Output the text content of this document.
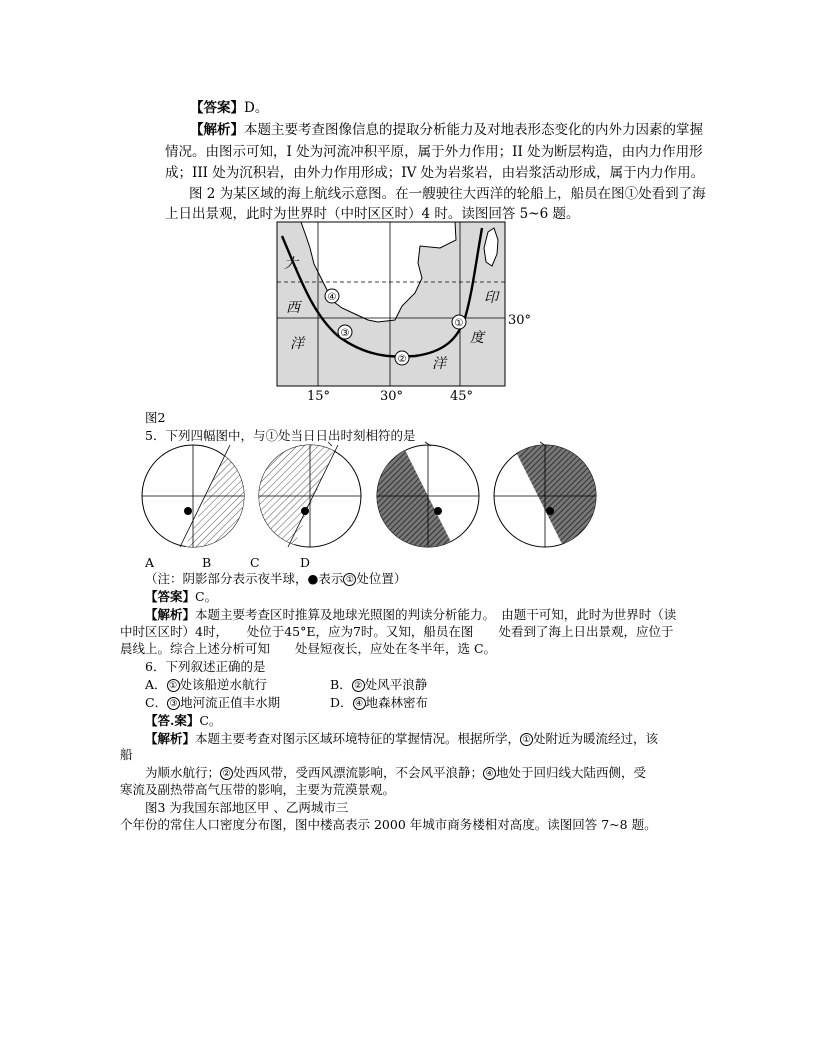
【答案】D。
【解析】本题主要考查图像信息的提取分析能力及对地表形态变化的内外力因素的掌握
情况。由图示可知，I 处为河流冲积平原，属于外力作用；II 处为断层构造，由内力作用形
成；III 处为沉积岩，由外力作用形成；IV 处为岩浆岩，由岩浆活动形成，属于内力作用。
图 2 为某区域的海上航线示意图。在一艘驶往大西洋的轮船上，船员在图①处看到了海
上日出景观，此时为世界时（中时区区时）4 时。读图回答 5~6 题。
大
西
洋
印
度
洋
④
③
②
①	30°
15°	30°	45°
图2
5．下列四幅图中，与①处当日日出时刻相符的是
A	B	C	D
（注：阴影部分表示夜半球，●表示 ① 处位置）
【答案】C。
【解析】本题主要考查区时推算及地球光照图的判读分析能力。　由题干可知，此时为世界时（读
中时区区时）4时，　　处位于45°E，应为7时。又知，船员在图　　处看到了海上日出景观，应位于
晨线上。综合上述分析可知　　处昼短夜长，应处在冬半年，选 C。
6．下列叙述正确的是
A． ① 处该船逆水航行	B． ② 处风平浪静
C． ③ 地河流正值丰水期	D． ④ 地森林密布
【答.案】C。
【解析】本题主要考查对图示区域环境特征的掌握情况。根据所学， ① 处附近为暖流经过，该
船
为顺水航行； ② 处西风带，受西风漂流影响，不会风平浪静； ④ 地处于回归线大陆西侧，受
寒流及副热带高气压带的影响，主要为荒漠景观。
图3 为我国东部地区甲 、乙两城市三
个年份的常住人口密度分布图，图中楼高表示 2000 年城市商务楼相对高度。读图回答 7~8 题。
